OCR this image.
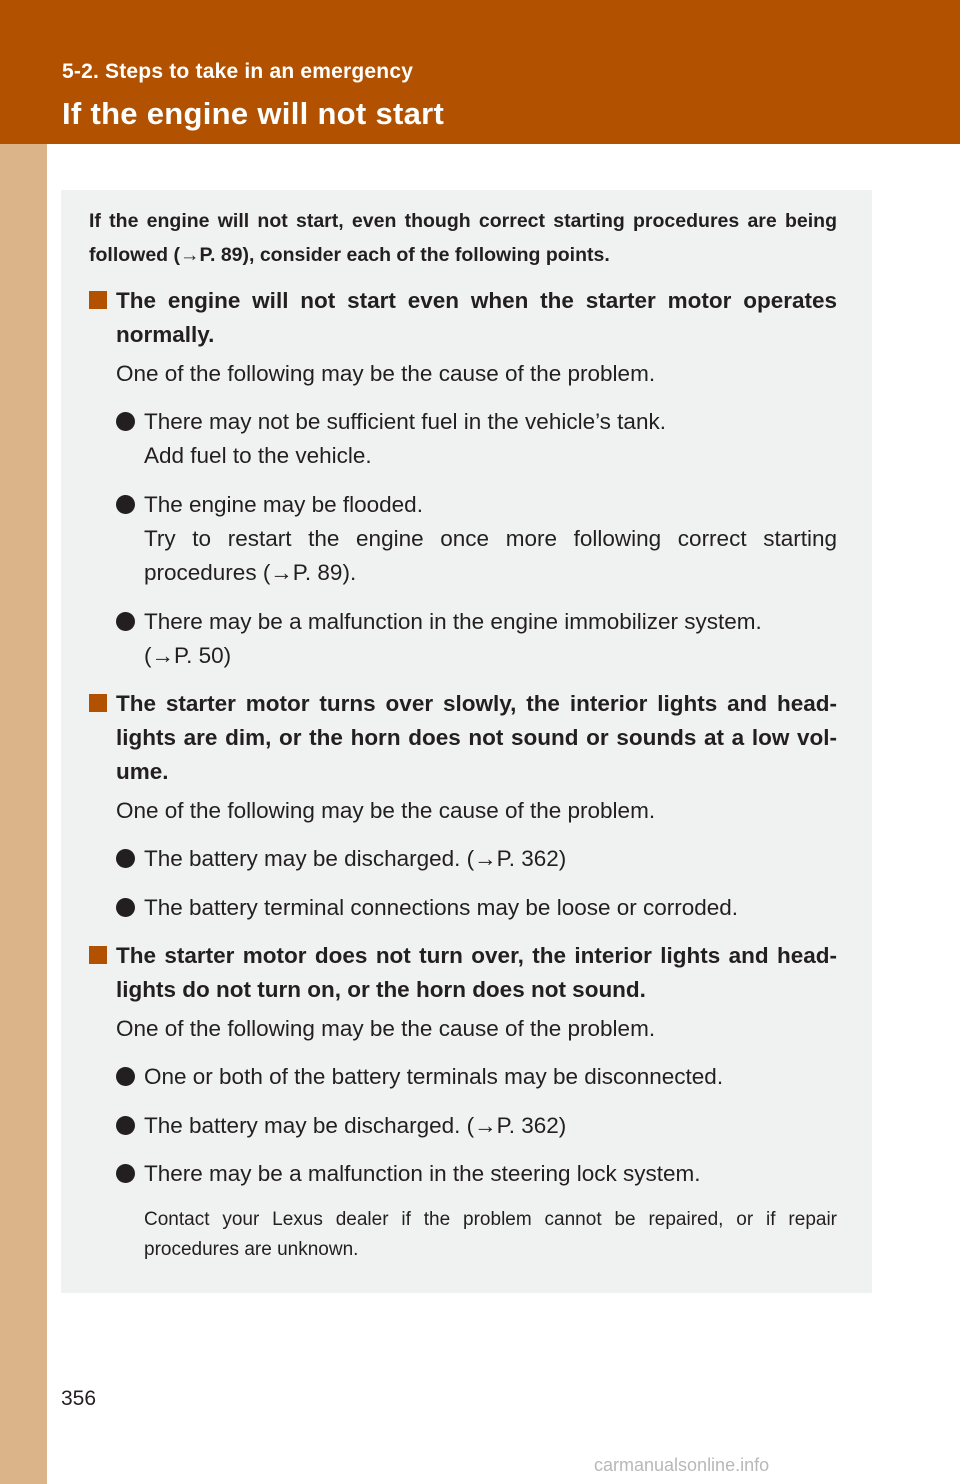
5-2. Steps to take in an emergency
If the engine will not start
If the engine will not start, even though correct starting procedures are being followed (→P. 89), consider each of the following points.
The engine will not start even when the starter motor operates normally.
One of the following may be the cause of the problem.
There may not be sufficient fuel in the vehicle’s tank.
Add fuel to the vehicle.
The engine may be flooded.
Try to restart the engine once more following correct starting procedures (→P. 89).
There may be a malfunction in the engine immobilizer system.
(→P. 50)
The starter motor turns over slowly, the interior lights and head-lights are dim, or the horn does not sound or sounds at a low vol-ume.
One of the following may be the cause of the problem.
The battery may be discharged. (→P. 362)
The battery terminal connections may be loose or corroded.
The starter motor does not turn over, the interior lights and head-lights do not turn on, or the horn does not sound.
One of the following may be the cause of the problem.
One or both of the battery terminals may be disconnected.
The battery may be discharged. (→P. 362)
There may be a malfunction in the steering lock system.
Contact your Lexus dealer if the problem cannot be repaired, or if repair procedures are unknown.
356
carmanualsonline.info
